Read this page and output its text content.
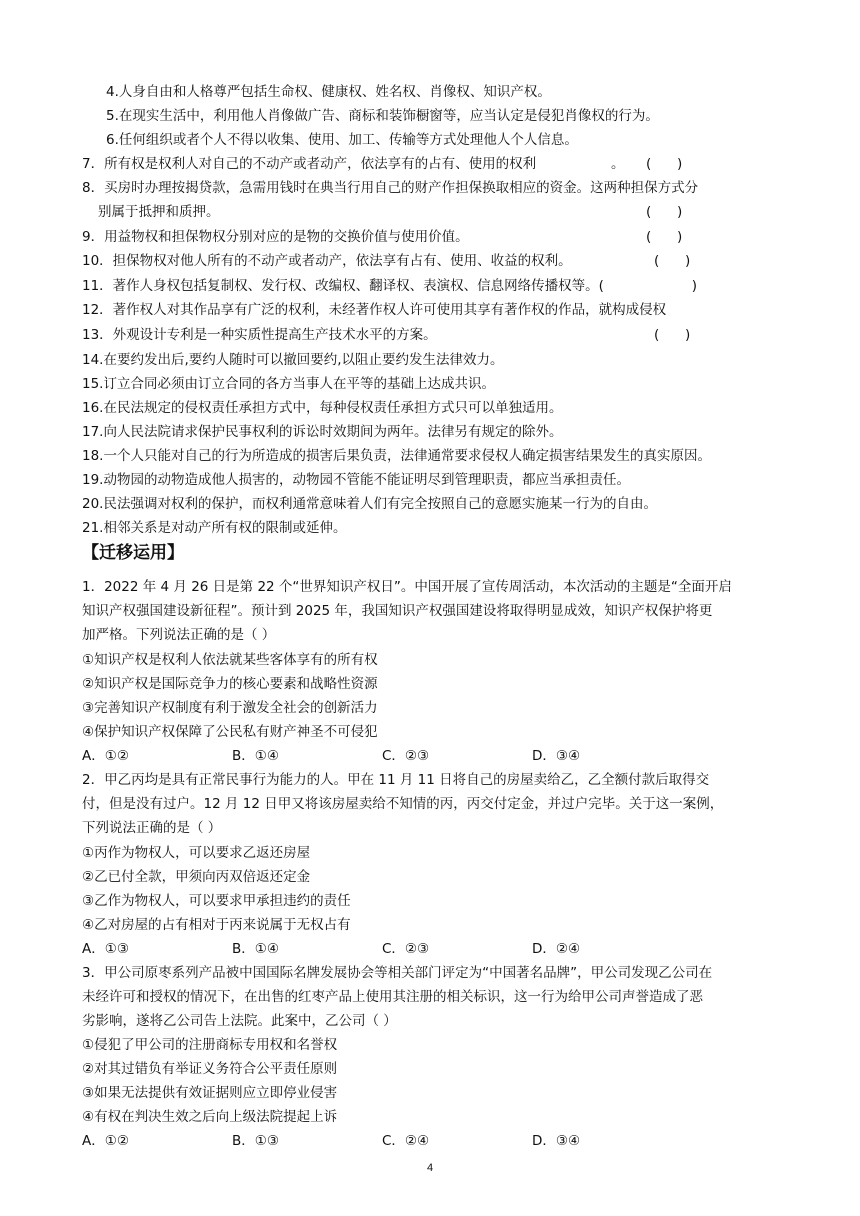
4.人身自由和人格尊严包括生命权、健康权、姓名权、肖像权、知识产权。
5.在现实生活中，利用他人肖像做广告、商标和装饰橱窗等，应当认定是侵犯肖像权的行为。
6.任何组织或者个人不得以收集、使用、加工、传输等方式处理他人个人信息。
7．所有权是权利人对自己的不动产或者动产，依法享有的占有、使用的权利	。 (      )
8．买房时办理按揭贷款，急需用钱时在典当行用自己的财产作担保换取相应的资金。这两种担保方式分
别属于抵押和质押。	(      )
9．用益物权和担保物权分别对应的是物的交换价值与使用价值。	(      )
10．担保物权对他人所有的不动产或者动产，依法享有占有、使用、收益的权利。	(      )
11．著作人身权包括复制权、发行权、改编权、翻译权、表演权、信息网络传播权等。(	)
12．著作权人对其作品享有广泛的权利，未经著作权人许可使用其享有著作权的作品，就构成侵权
13．外观设计专利是一种实质性提高生产技术水平的方案。	(      )
14.在要约发出后,要约人随时可以撤回要约,以阻止要约发生法律效力。
15.订立合同必须由订立合同的各方当事人在平等的基础上达成共识。
16.在民法规定的侵权责任承担方式中，每种侵权责任承担方式只可以单独适用。
17.向人民法院请求保护民事权利的诉讼时效期间为两年。法律另有规定的除外。
18.一个人只能对自己的行为所造成的损害后果负责，法律通常要求侵权人确定损害结果发生的真实原因。
19.动物园的动物造成他人损害的，动物园不管能不能证明尽到管理职责，都应当承担责任。
20.民法强调对权利的保护，而权利通常意味着人们有完全按照自己的意愿实施某一行为的自由。
21.相邻关系是对动产所有权的限制或延伸。
【迁移运用】
1．2022 年 4 月 26 日是第 22 个“世界知识产权日”。中国开展了宣传周活动，本次活动的主题是“全面开启
知识产权强国建设新征程”。预计到 2025 年，我国知识产权强国建设将取得明显成效，知识产权保护将更
加严格。下列说法正确的是（ ）
①知识产权是权利人依法就某些客体享有的所有权
②知识产权是国际竞争力的核心要素和战略性资源
③完善知识产权制度有利于激发全社会的创新活力
④保护知识产权保障了公民私有财产神圣不可侵犯
A．①②	B．①④	C．②③	D．③④
2．甲乙丙均是具有正常民事行为能力的人。甲在 11 月 11 日将自己的房屋卖给乙，乙全额付款后取得交
付，但是没有过户。12 月 12 日甲又将该房屋卖给不知情的丙，丙交付定金，并过户完毕。关于这一案例，
下列说法正确的是（ ）
①丙作为物权人，可以要求乙返还房屋
②乙已付全款，甲须向丙双倍返还定金
③乙作为物权人，可以要求甲承担违约的责任
④乙对房屋的占有相对于丙来说属于无权占有
A．①③	B．①④	C．②③	D．②④
3．甲公司原枣系列产品被中国国际名牌发展协会等相关部门评定为“中国著名品牌”，甲公司发现乙公司在
未经许可和授权的情况下，在出售的红枣产品上使用其注册的相关标识，这一行为给甲公司声誉造成了恶
劣影响，遂将乙公司告上法院。此案中，乙公司（ ）
①侵犯了甲公司的注册商标专用权和名誉权
②对其过错负有举证义务符合公平责任原则
③如果无法提供有效证据则应立即停业侵害
④有权在判决生效之后向上级法院提起上诉
A．①②	B．①③	C．②④	D．③④
4
